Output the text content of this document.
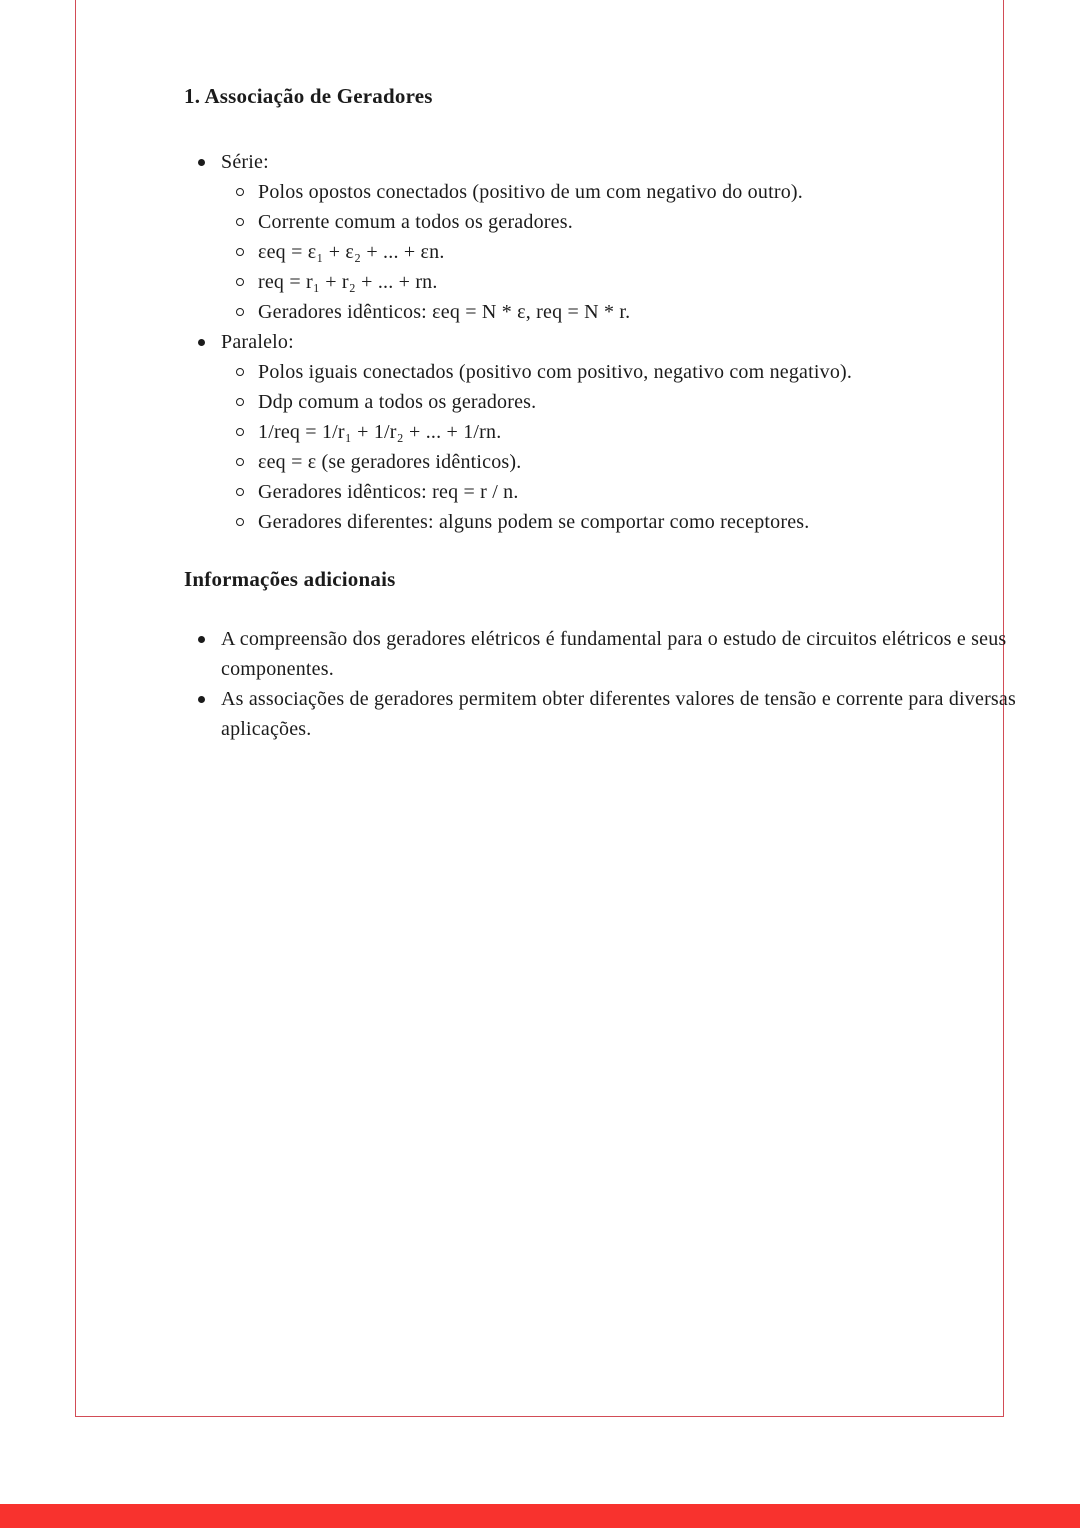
1. Associação de Geradores
Série:
Polos opostos conectados (positivo de um com negativo do outro).
Corrente comum a todos os geradores.
εeq = ε₁ + ε₂ + ... + εn.
req = r₁ + r₂ + ... + rn.
Geradores idênticos: εeq = N * ε, req = N * r.
Paralelo:
Polos iguais conectados (positivo com positivo, negativo com negativo).
Ddp comum a todos os geradores.
1/req = 1/r₁ + 1/r₂ + ... + 1/rn.
εeq = ε (se geradores idênticos).
Geradores idênticos: req = r / n.
Geradores diferentes: alguns podem se comportar como receptores.
Informações adicionais
A compreensão dos geradores elétricos é fundamental para o estudo de circuitos elétricos e seus componentes.
As associações de geradores permitem obter diferentes valores de tensão e corrente para diversas aplicações.
